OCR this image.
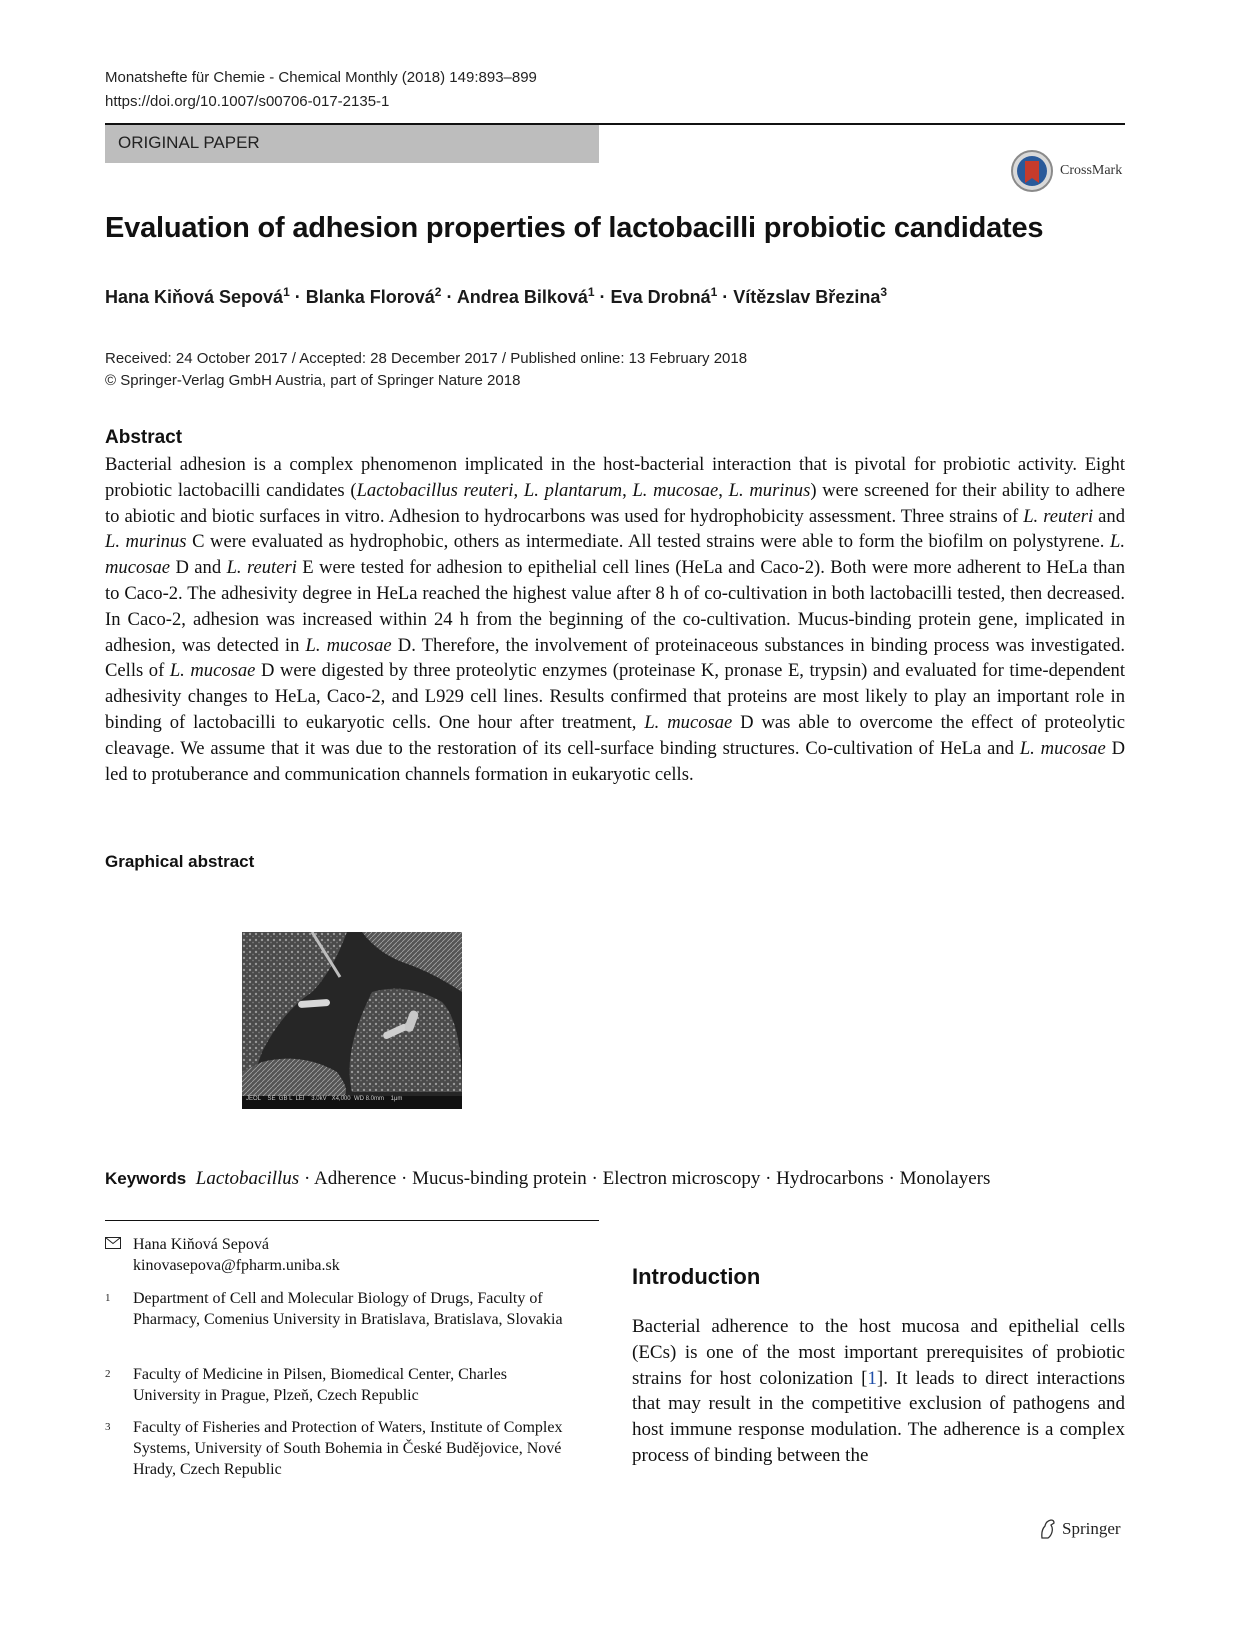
Monatshefte für Chemie - Chemical Monthly (2018) 149:893–899
https://doi.org/10.1007/s00706-017-2135-1
ORIGINAL PAPER
CrossMark
Evaluation of adhesion properties of lactobacilli probiotic candidates
Hana Kiňová Sepová$^1$ · Blanka Florová$^2$ · Andrea Bilková$^1$ · Eva Drobná$^1$ · Vítězslav Březina$^3$
Received: 24 October 2017 / Accepted: 28 December 2017 / Published online: 13 February 2018
© Springer-Verlag GmbH Austria, part of Springer Nature 2018
Abstract
Bacterial adhesion is a complex phenomenon implicated in the host-bacterial interaction that is pivotal for probiotic activity. Eight probiotic lactobacilli candidates (Lactobacillus reuteri, L. plantarum, L. mucosae, L. murinus) were screened for their ability to adhere to abiotic and biotic surfaces in vitro. Adhesion to hydrocarbons was used for hydrophobicity assessment. Three strains of L. reuteri and L. murinus C were evaluated as hydrophobic, others as intermediate. All tested strains were able to form the biofilm on polystyrene. L. mucosae D and L. reuteri E were tested for adhesion to epithelial cell lines (HeLa and Caco-2). Both were more adherent to HeLa than to Caco-2. The adhesivity degree in HeLa reached the highest value after 8 h of co-cultivation in both lactobacilli tested, then decreased. In Caco-2, adhesion was increased within 24 h from the beginning of the co-cultivation. Mucus-binding protein gene, implicated in adhesion, was detected in L. mucosae D. Therefore, the involvement of proteinaceous substances in binding process was investigated. Cells of L. mucosae D were digested by three proteolytic enzymes (proteinase K, pronase E, trypsin) and evaluated for time-dependent adhesivity changes to HeLa, Caco-2, and L929 cell lines. Results confirmed that proteins are most likely to play an important role in binding of lactobacilli to eukaryotic cells. One hour after treatment, L. mucosae D was able to overcome the effect of proteolytic cleavage. We assume that it was due to the restoration of its cell-surface binding structures. Co-cultivation of HeLa and L. mucosae D led to protuberance and communication channels formation in eukaryotic cells.
Graphical abstract
JEOL    SE  GB L  LEI    3.0kV   X4,000  WD 8.0mm    1μm
Keywords Lactobacillus · Adherence · Mucus-binding protein · Electron microscopy · Hydrocarbons · Monolayers
Hana Kiňová Sepová
kinovasepova@fpharm.uniba.sk
1	Department of Cell and Molecular Biology of Drugs, Faculty of Pharmacy, Comenius University in Bratislava, Bratislava, Slovakia
2	Faculty of Medicine in Pilsen, Biomedical Center, Charles University in Prague, Plzeň, Czech Republic
3	Faculty of Fisheries and Protection of Waters, Institute of Complex Systems, University of South Bohemia in České Budějovice, Nové Hrady, Czech Republic
Introduction
Bacterial adherence to the host mucosa and epithelial cells (ECs) is one of the most important prerequisites of probiotic strains for host colonization [1]. It leads to direct interactions that may result in the competitive exclusion of pathogens and host immune response modulation. The adherence is a complex process of binding between the
Springer
